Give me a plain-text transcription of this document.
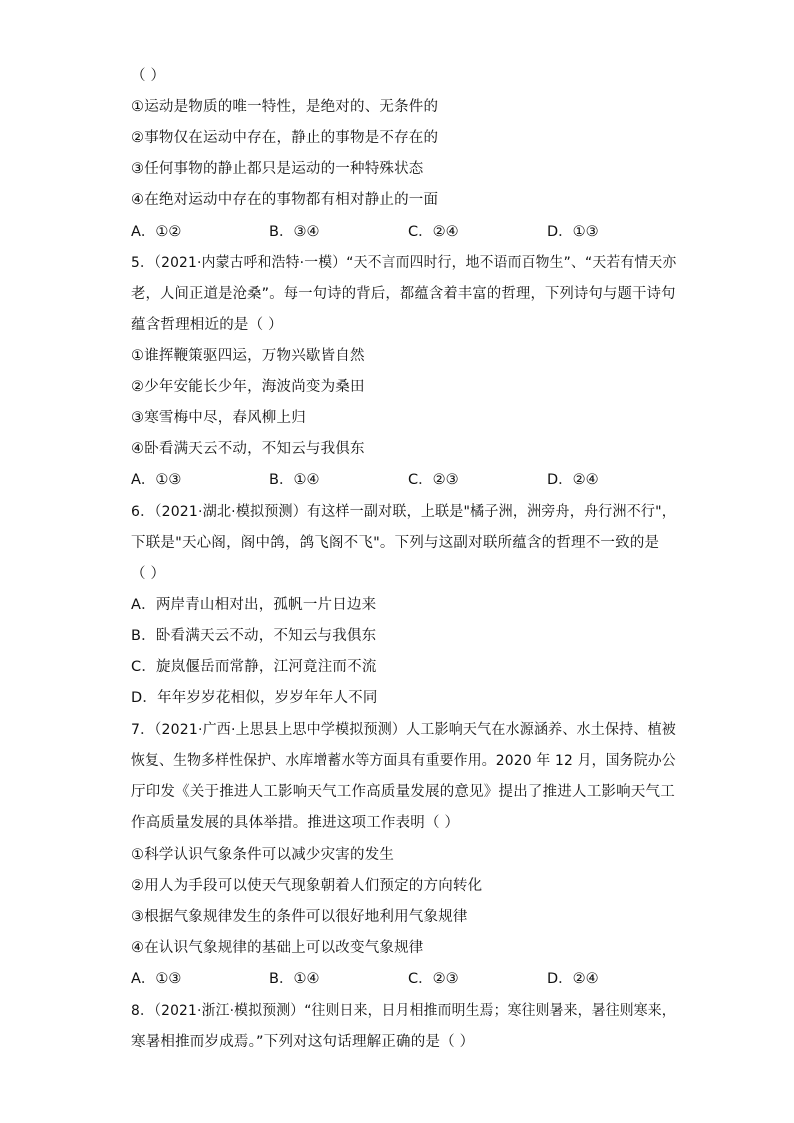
（ ）
①运动是物质的唯一特性，是绝对的、无条件的
②事物仅在运动中存在，静止的事物是不存在的
③任何事物的静止都只是运动的一种特殊状态
④在绝对运动中存在的事物都有相对静止的一面
A．①②	B．③④	C．②④	D．①③
5．（2021·内蒙古呼和浩特·一模）“天不言而四时行，地不语而百物生”、“天若有情天亦
老，人间正道是沧桑”。每一句诗的背后，都蕴含着丰富的哲理，下列诗句与题干诗句
蕴含哲理相近的是（ ）
①谁挥鞭策驱四运，万物兴歇皆自然
②少年安能长少年，海波尚变为桑田
③寒雪梅中尽，春风柳上归
④卧看满天云不动，不知云与我俱东
A．①③	B．①④	C．②③	D．②④
6．（2021·湖北·模拟预测）有这样一副对联，上联是"橘子洲，洲旁舟，舟行洲不行"，
下联是"天心阁，阁中鸽，鸽飞阁不飞"。下列与这副对联所蕴含的哲理不一致的是
（ ）
A．两岸青山相对出，孤帆一片日边来
B．卧看满天云不动，不知云与我俱东
C．旋岚偃岳而常静，江河竟注而不流
D．年年岁岁花相似，岁岁年年人不同
7．（2021·广西·上思县上思中学模拟预测）人工影响天气在水源涵养、水土保持、植被
恢复、生物多样性保护、水库增蓄水等方面具有重要作用。2020 年 12 月，国务院办公
厅印发《关于推进人工影响天气工作高质量发展的意见》提出了推进人工影响天气工
作高质量发展的具体举措。推进这项工作表明（ ）
①科学认识气象条件可以减少灾害的发生
②用人为手段可以使天气现象朝着人们预定的方向转化
③根据气象规律发生的条件可以很好地利用气象规律
④在认识气象规律的基础上可以改变气象规律
A．①③	B．①④	C．②③	D．②④
8．（2021·浙江·模拟预测）“往则日来，日月相推而明生焉；寒往则暑来，暑往则寒来，
寒暑相推而岁成焉。”下列对这句话理解正确的是（ ）
